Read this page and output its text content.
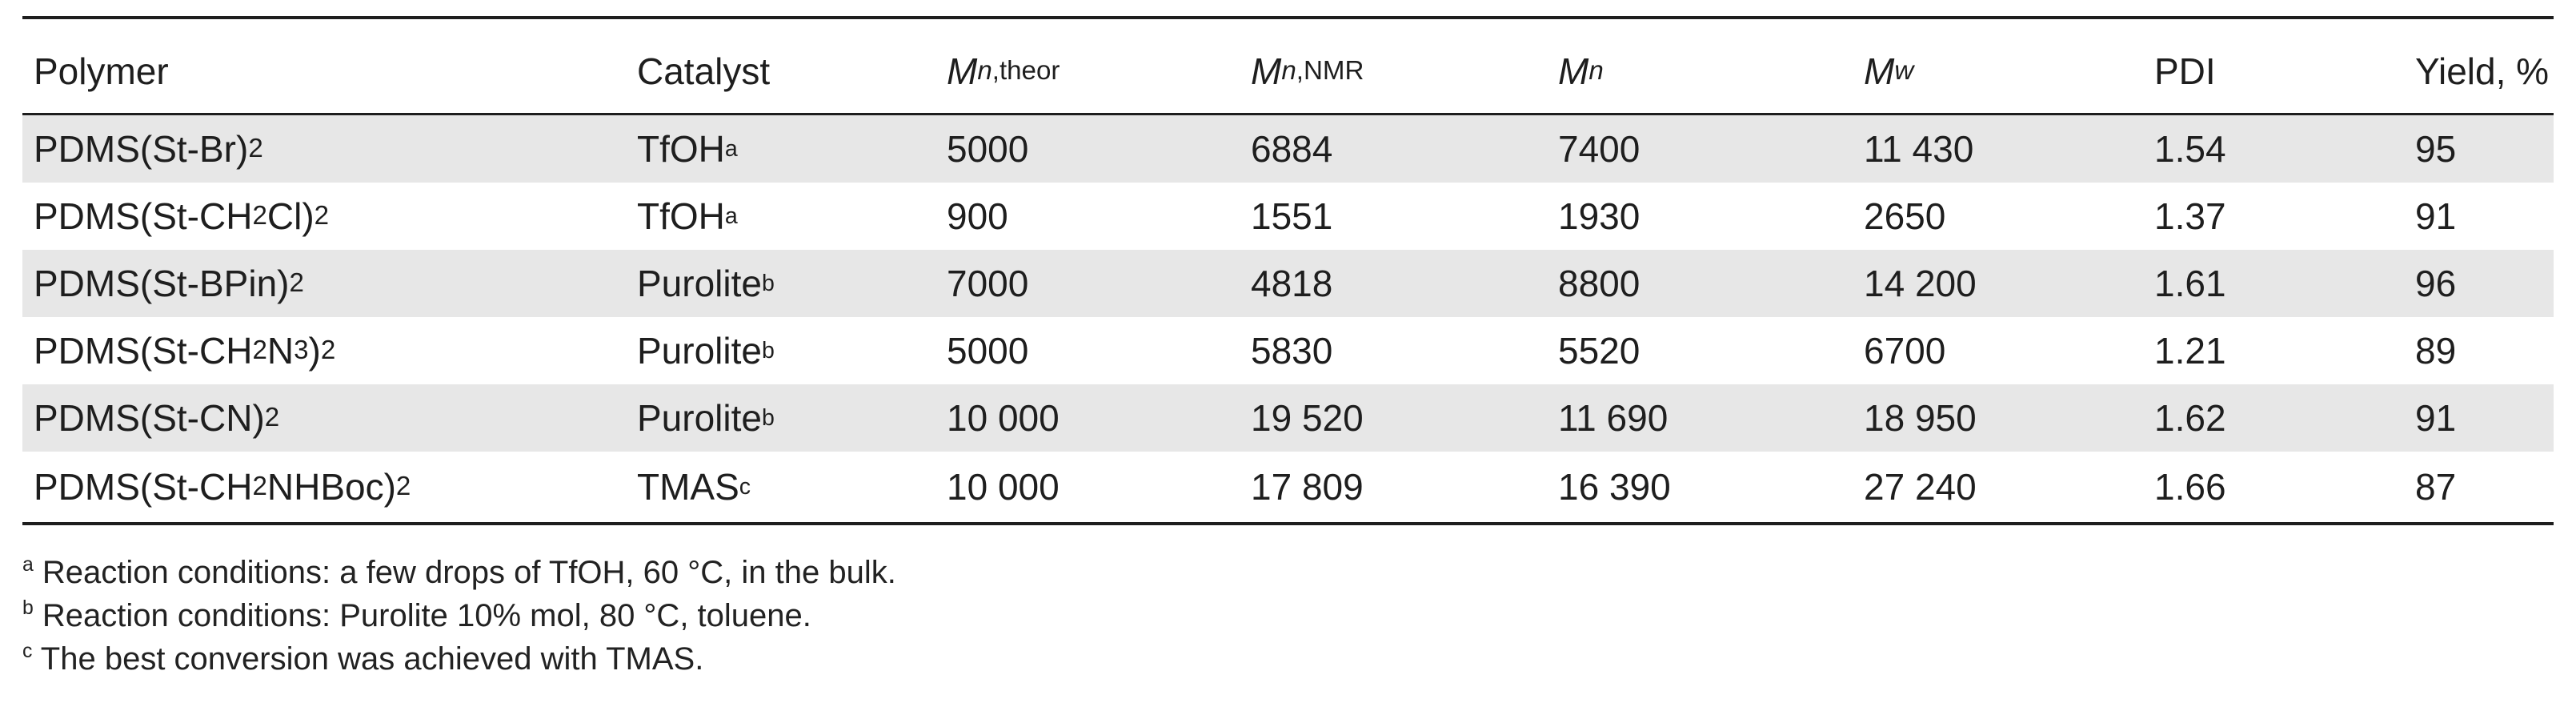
Polymer	Catalyst	M n,theor	M n,NMR	M n	M w	PDI	Yield, %
PDMS(St-Br) 2	TfOH a	5000	6884	7400	11 430	1.54	95
PDMS(St-CH 2 Cl) 2	TfOH a	900	1551	1930	2650	1.37	91
PDMS(St-BPin) 2	Purolite b	7000	4818	8800	14 200	1.61	96
PDMS(St-CH 2 N 3 ) 2	Purolite b	5000	5830	5520	6700	1.21	89
PDMS(St-CN) 2	Purolite b	10 000	19 520	11 690	18 950	1.62	91
PDMS(St-CH 2 NHBoc) 2	TMAS c	10 000	17 809	16 390	27 240	1.66	87
$^a$ Reaction conditions: a few drops of TfOH, 60 °C, in the bulk.
$^b$ Reaction conditions: Purolite 10% mol, 80 °C, toluene.
$^c$ The best conversion was achieved with TMAS.
